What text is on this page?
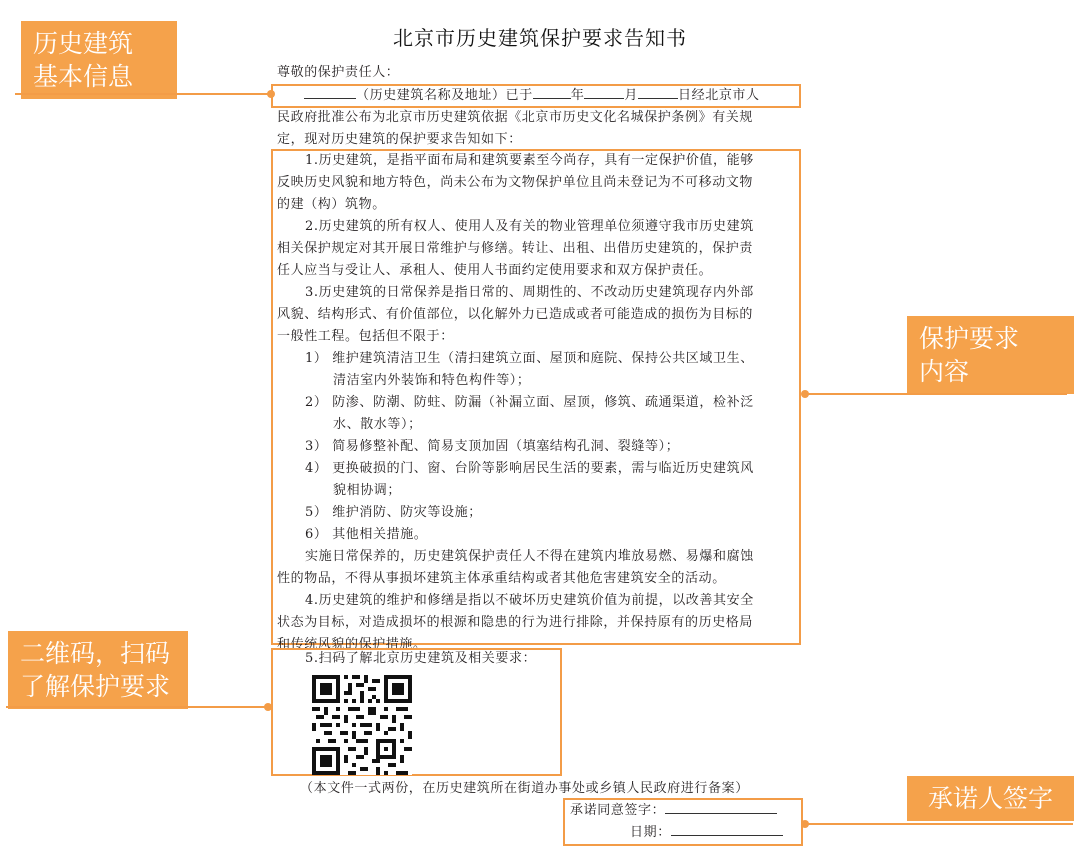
北京市历史建筑保护要求告知书
尊敬的保护责任人：
（历史建筑名称及地址）已于	年	月	日经北京市人
民政府批准公布为北京市历史建筑依据《北京市历史文化名城保护条例》有关规
定，现对历史建筑的保护要求告知如下：
1.历史建筑，是指平面布局和建筑要素至今尚存，具有一定保护价值，能够
反映历史风貌和地方特色，尚未公布为文物保护单位且尚未登记为不可移动文物
的建（构）筑物。
2.历史建筑的所有权人、使用人及有关的物业管理单位须遵守我市历史建筑
相关保护规定对其开展日常维护与修缮。转让、出租、出借历史建筑的，保护责
任人应当与受让人、承租人、使用人书面约定使用要求和双方保护责任。
3.历史建筑的日常保养是指日常的、周期性的、不改动历史建筑现存内外部
风貌、结构形式、有价值部位，以化解外力已造成或者可能造成的损伤为目标的
一般性工程。包括但不限于：
1） 维护建筑清洁卫生（清扫建筑立面、屋顶和庭院、保持公共区域卫生、
清洁室内外装饰和特色构件等）；
2） 防渗、防潮、防蛀、防漏（补漏立面、屋顶，修筑、疏通渠道，检补泛
水、散水等）；
3） 简易修整补配、简易支顶加固（填塞结构孔洞、裂缝等）；
4） 更换破损的门、窗、台阶等影响居民生活的要素，需与临近历史建筑风
貌相协调；
5） 维护消防、防灾等设施；
6） 其他相关措施。
实施日常保养的，历史建筑保护责任人不得在建筑内堆放易燃、易爆和腐蚀
性的物品，不得从事损坏建筑主体承重结构或者其他危害建筑安全的活动。
4.历史建筑的维护和修缮是指以不破坏历史建筑价值为前提，以改善其安全
状态为目标，对造成损坏的根源和隐患的行为进行排除，并保持原有的历史格局
和传统风貌的保护措施。
5.扫码了解北京历史建筑及相关要求：
（本文件一式两份，在历史建筑所在街道办事处或乡镇人民政府进行备案）
承诺同意签字：
日期：
历史建筑
基本信息
保护要求
内容
二维码，扫码
了解保护要求
承诺人签字
